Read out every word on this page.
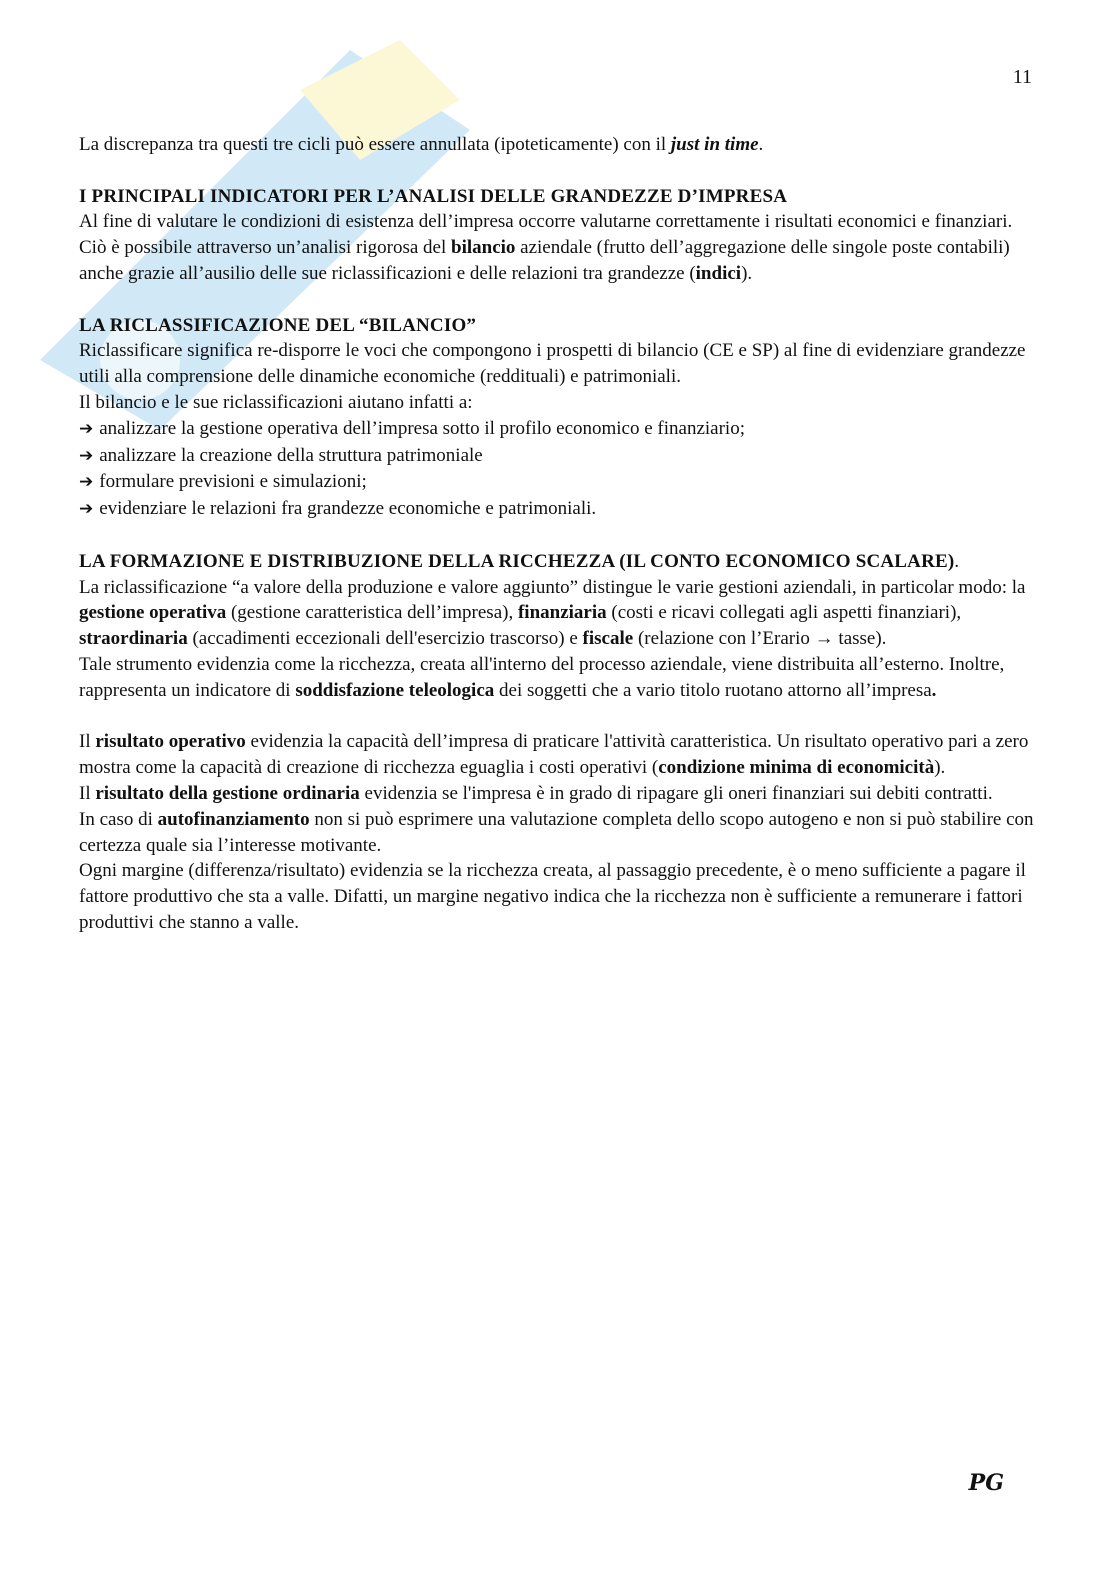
11

La discrepanza tra questi tre cicli può essere annullata (ipoteticamente) con il just in time.

I PRINCIPALI INDICATORI PER L’ANALISI DELLE GRANDEZZE D’IMPRESA

Al fine di valutare le condizioni di esistenza dell’impresa occorre valutarne correttamente i risultati economici e finanziari. Ciò è possibile attraverso un’analisi rigorosa del bilancio aziendale (frutto dell’aggregazione delle singole poste contabili) anche grazie all’ausilio delle sue riclassificazioni e delle relazioni tra grandezze (indici).

LA RICLASSIFICAZIONE DEL “BILANCIO”

Riclassificare significa re-disporre le voci che compongono i prospetti di bilancio (CE e SP) al fine di evidenziare grandezze utili alla comprensione delle dinamiche economiche (reddituali) e patrimoniali.

Il bilancio e le sue riclassificazioni aiutano infatti a:

➔ analizzare la gestione operativa dell’impresa sotto il profilo economico e finanziario;

➔ analizzare la creazione della struttura patrimoniale

➔ formulare previsioni e simulazioni;

➔ evidenziare le relazioni fra grandezze economiche e patrimoniali.

LA FORMAZIONE E DISTRIBUZIONE DELLA RICCHEZZA (IL CONTO ECONOMICO SCALARE).

La riclassificazione “a valore della produzione e valore aggiunto” distingue le varie gestioni aziendali, in particolar modo: la gestione operativa (gestione caratteristica dell’impresa), finanziaria (costi e ricavi collegati agli aspetti finanziari), straordinaria (accadimenti eccezionali dell'esercizio trascorso) e fiscale (relazione con l’Erario → tasse).

Tale strumento evidenzia come la ricchezza, creata all'interno del processo aziendale, viene distribuita all’esterno. Inoltre, rappresenta un indicatore di soddisfazione teleologica dei soggetti che a vario titolo ruotano attorno all’impresa.

Il risultato operativo evidenzia la capacità dell’impresa di praticare l'attività caratteristica. Un risultato operativo pari a zero mostra come la capacità di creazione di ricchezza eguaglia i costi operativi (condizione minima di economicità).

Il risultato della gestione ordinaria evidenzia se l'impresa è in grado di ripagare gli oneri finanziari sui debiti contratti.

In caso di autofinanziamento non si può esprimere una valutazione completa dello scopo autogeno e non si può stabilire con certezza quale sia l’interesse motivante.

Ogni margine (differenza/risultato) evidenzia se la ricchezza creata, al passaggio precedente, è o meno sufficiente a pagare il fattore produttivo che sta a valle. Difatti, un margine negativo indica che la ricchezza non è sufficiente a remunerare i fattori produttivi che stanno a valle.

PG
